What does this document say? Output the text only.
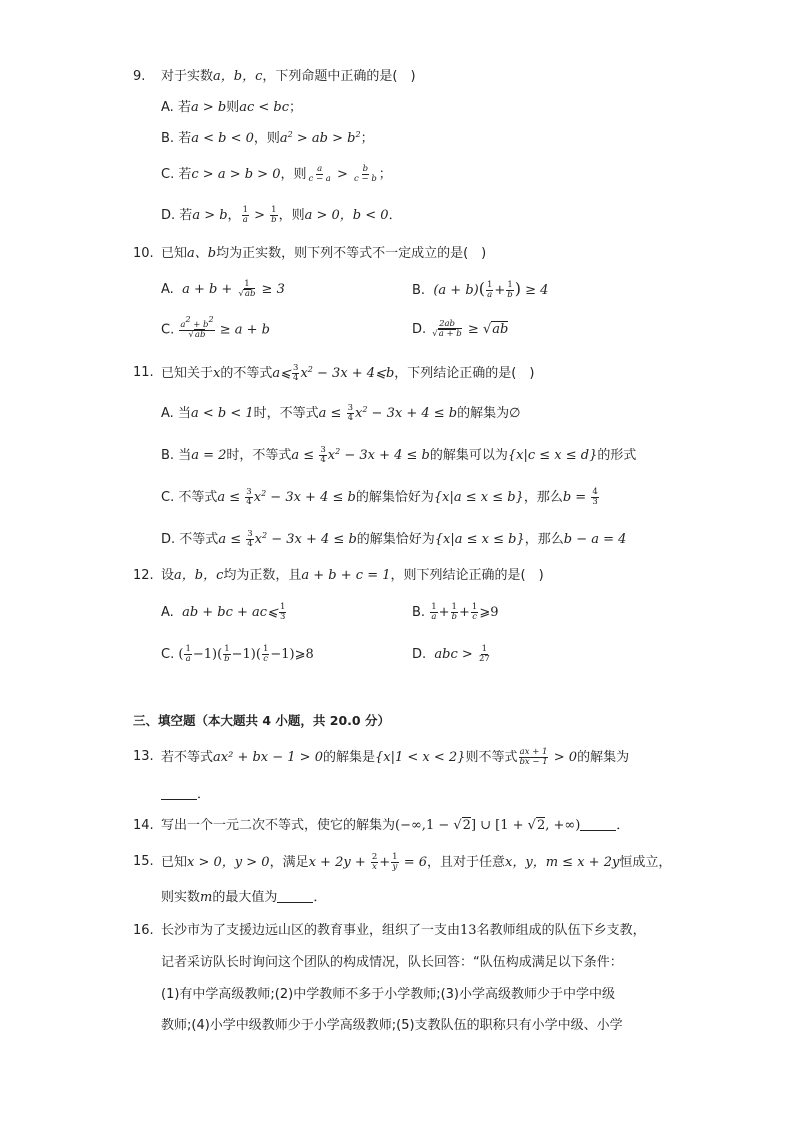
9. 对于实数a，b，c，下列命题中正确的是(　)
A. 若a > b则ac < bc；
B. 若a < b < 0，则$a^2$ > ab > $b^2$；
C. 若c > a > b > 0，则 $\frac{a}{c - a} > \frac{b}{c - b}$ ；
D. 若a > b， $\frac{1}{a} > \frac{1}{b}$ ，则a > 0，b < 0．
10. 已知a、b均为正实数，则下列不等式不一定成立的是(　)
A.  $a + b + \frac{1}{√ab} \ge 3$	B.  $(a + b)( \frac{1}{a} + \frac{1}{b}$ ) ≥ 4
C. $\frac{a^2 + b^2}{√ab} \ge a + b$	D. $\frac{2ab}{√a + b} \ge √ab$
11. 已知关于x的不等式a⩽ $\frac{3}{4} x^2 - 3x$ + 4⩽b，下列结论正确的是(　)
A. 当a < b < 1时，不等式$a \le \frac{3}{4} x^2 - 3x + 4 \le b$的解集为∅
B. 当a = 2时，不等式$a \le \frac{3}{4} x^2 - 3x + 4 \le b$的解集可以为{x|c ≤ x ≤ d}的形式
C. 不等式$a \le \frac{3}{4} x^2 - 3x + 4 \le b$的解集恰好为{x|a ≤ x ≤ b}，那么$b = \frac{4}{3}$
D. 不等式$a \le \frac{3}{4} x^2 - 3x + 4 \le b$的解集恰好为{x|a ≤ x ≤ b}，那么b − a = 4
12. 设a，b，c均为正数，且a + b + c = 1，则下列结论正确的是(　)
A.  ab + bc + ac⩽ $\frac{1}{3}$	B. $\frac{1}{a} + \frac{1}{b} + \frac{1}{c}$ ⩾9
C. ( $\frac{1}{a} -1)( \frac{1}{b} -1)( \frac{1}{c}$ −1)⩾8	D.  abc > $\frac{1}{27}$
三、填空题（本大题共 4 小题，共 20.0 分）
13. 若不等式ax² + bx − 1 > 0的解集是{x|1 < x < 2}则不等式 $\frac{ax + 1}{bx - 1} > 0$的解集为
．
14. 写出一个一元二次不等式，使它的解集为(−∞,1 − √2] ∪ [1 + √2, +∞)	．
15. 已知x > 0，y > 0，满足$x + 2y + \frac{2}{x} + \frac{1}{y} = 6$，且对于任意x，y，m ≤ x + 2y恒成立，
则实数m的最大值为	．
16. 长沙市为了支援边远山区的教育事业，组织了一支由13名教师组成的队伍下乡支教，
记者采访队长时询问这个团队的构成情况，队长回答：“队伍构成满足以下条件：
(1)有中学高级教师;(2)中学教师不多于小学教师;(3)小学高级教师少于中学中级
教师;(4)小学中级教师少于小学高级教师;(5)支教队伍的职称只有小学中级、小学
